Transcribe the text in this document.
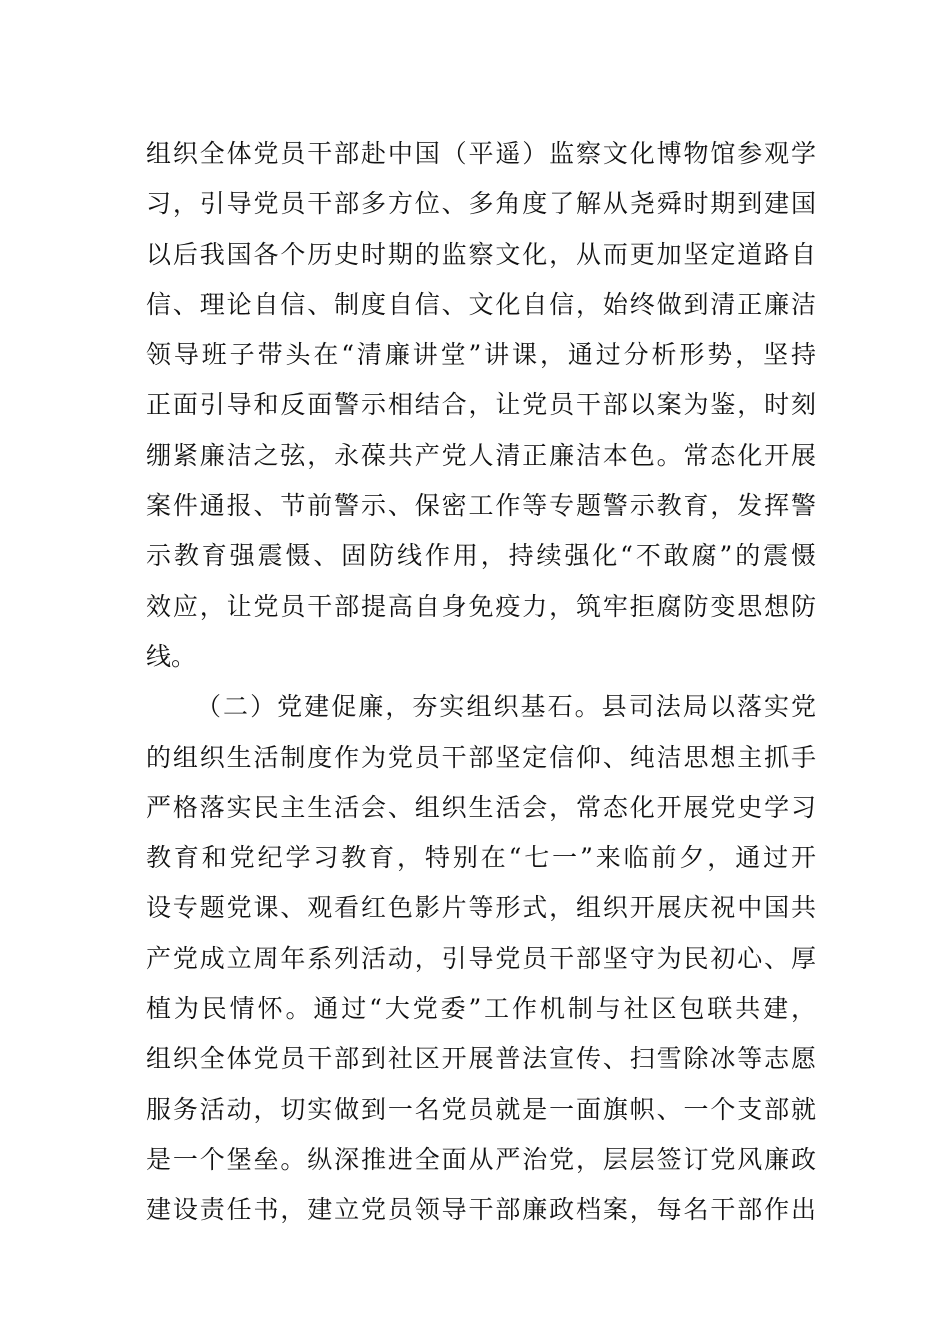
组织全体党员干部赴中国（平遥）监察文化博物馆参观学
习，引导党员干部多方位、多角度了解从尧舜时期到建国
以后我国各个历史时期的监察文化，从而更加坚定道路自
信、理论自信、制度自信、文化自信，始终做到清正廉洁
领导班子带头在“清廉讲堂”讲课，通过分析形势，坚持
正面引导和反面警示相结合，让党员干部以案为鉴，时刻
绷紧廉洁之弦，永葆共产党人清正廉洁本色。常态化开展
案件通报、节前警示、保密工作等专题警示教育，发挥警
示教育强震慑、固防线作用，持续强化“不敢腐”的震慑
效应，让党员干部提高自身免疫力，筑牢拒腐防变思想防
线。
（二）党建促廉，夯实组织基石。县司法局以落实党
的组织生活制度作为党员干部坚定信仰、纯洁思想主抓手
严格落实民主生活会、组织生活会，常态化开展党史学习
教育和党纪学习教育，特别在“七一”来临前夕，通过开
设专题党课、观看红色影片等形式，组织开展庆祝中国共
产党成立周年系列活动，引导党员干部坚守为民初心、厚
植为民情怀。通过“大党委”工作机制与社区包联共建，
组织全体党员干部到社区开展普法宣传、扫雪除冰等志愿
服务活动，切实做到一名党员就是一面旗帜、一个支部就
是一个堡垒。纵深推进全面从严治党，层层签订党风廉政
建设责任书，建立党员领导干部廉政档案，每名干部作出
